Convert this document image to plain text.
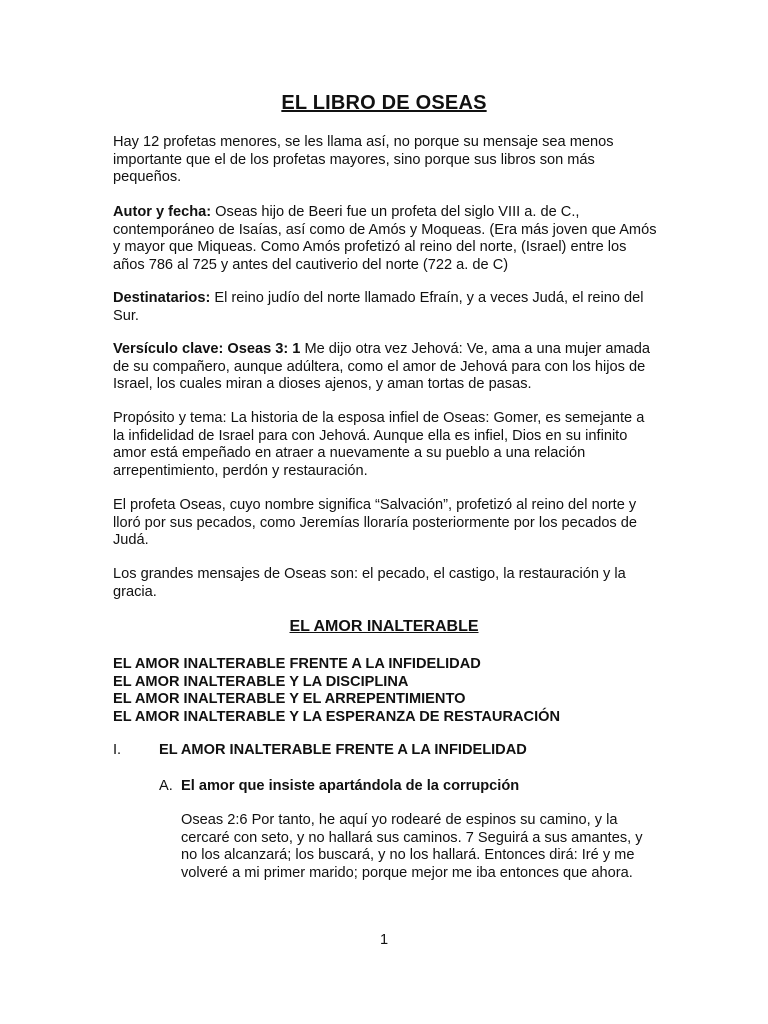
EL LIBRO DE OSEAS

Hay 12 profetas menores, se les llama así, no porque su mensaje sea menos importante que el de los profetas mayores, sino porque sus libros son más pequeños.

Autor y fecha: Oseas hijo de Beeri fue un profeta del siglo VIII a. de C., contemporáneo de Isaías, así como de Amós y Moqueas. (Era más joven que Amós y mayor que Miqueas. Como Amós profetizó al reino del norte, (Israel) entre los años 786 al 725 y antes del cautiverio del norte (722 a. de C)

Destinatarios: El reino judío del norte llamado Efraín, y a veces Judá, el reino del Sur.

Versículo clave: Oseas 3: 1 Me dijo otra vez Jehová: Ve, ama a una mujer amada de su compañero, aunque adúltera, como el amor de Jehová para con los hijos de Israel, los cuales miran a dioses ajenos, y aman tortas de pasas.

Propósito y tema: La historia de la esposa infiel de Oseas: Gomer, es semejante a la infidelidad de Israel para con Jehová. Aunque ella es infiel, Dios en su infinito amor está empeñado en atraer a nuevamente a su pueblo a una relación arrepentimiento, perdón y restauración.

El profeta Oseas, cuyo nombre significa “Salvación”, profetizó al reino del norte y lloró por sus pecados, como Jeremías lloraría posteriormente por los pecados de Judá.

Los grandes mensajes de Oseas son: el pecado, el castigo, la restauración y la gracia.

EL AMOR INALTERABLE
EL AMOR INALTERABLE FRENTE A LA INFIDELIDAD
EL AMOR INALTERABLE Y LA DISCIPLINA
EL AMOR INALTERABLE Y EL ARREPENTIMIENTO
EL AMOR INALTERABLE Y LA ESPERANZA DE RESTAURACIÓN
I.	EL AMOR INALTERABLE FRENTE A LA INFIDELIDAD
A. El amor que insiste apartándola de la corrupción

Oseas 2:6 Por tanto, he aquí yo rodearé de espinos su camino, y la cercaré con seto, y no hallará sus caminos. 7 Seguirá a sus amantes, y no los alcanzará; los buscará, y no los hallará. Entonces dirá: Iré y me volveré a mi primer marido; porque mejor me iba entonces que ahora.

1
